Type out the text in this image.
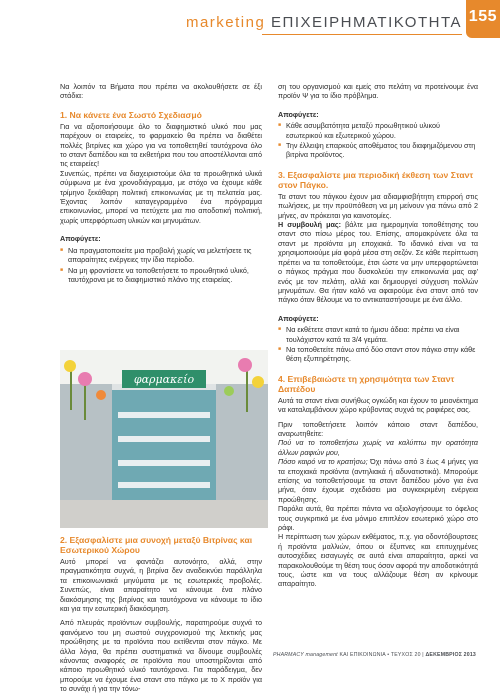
marketing ΕΠΙΧΕΙΡΗΜΑΤΙΚΟΤΗΤΑ 155

Να λοιπόν τα Βήματα που πρέπει να ακολουθήσετε σε έξι στάδια:

1. Να κάνετε ένα Σωστό Σχεδιασμό

Για να αξιοποιήσουμε όλο το διαφημιστικό υλικό που μας παρέχουν οι εταιρείες, το φαρμακείο θα πρέπει να διαθέτει πολλές βιτρίνες και χώρο για να τοποθετηθεί ταυτόχρονα όλο το σταντ δαπέδου και τα εκθετήρια που του αποστέλλονται από τις εταιρείες!

Συνεπώς, πρέπει να διαχειριστούμε όλα τα προωθητικά υλικά σύμφωνα με ένα χρονοδιάγραμμα, με στόχο να έχουμε κάθε τρίμηνο ξεκάθαρη πολιτική επικοινωνίας με τη πελατεία μας. Έχοντας λοιπόν καταγεγραμμένο ένα πρόγραμμα επικοινωνίας, μπορεί να πετύχετε μια πιο αποδοτική πολιτική, χωρίς υπερφόρτωση υλικών και μηνυμάτων.

Αποφύγετε:
■ Να πραγματοποιείτε μια προβολή χωρίς να μελετήσετε τις απαραίτητες ενέργειες την ίδια περίοδο.
■ Να μη φροντίσετε να τοποθετήσετε το προωθητικό υλικό, ταυτόχρονα με το διαφημιστικό πλάνο της εταιρείας.
φαρμακείο
2. Εξασφαλίστε μια συνοχή μεταξύ Βιτρίνας και Εσωτερικού Χώρου

Αυτό μπορεί να φαντάζει αυτονόητο, αλλά, στην πραγματικότητα συχνά, η βιτρίνα δεν αναδεικνύει παράλληλα τα επικοινωνιακά μηνύματα με τις εσωτερικές προβολές. Συνεπώς, είναι απαραίτητο να κάνουμε ένα πλάνο διακόσμησης της βιτρίνας και ταυτόχρονα να κάνουμε το ίδιο και για την εσωτερική διακόσμηση.

Από πλευράς προϊόντων συμβουλής, παρατηρούμε συχνά το φαινόμενο του μη σωστού συγχρονισμού της λεκτικής μας προώθησης με τα προϊόντα που εκτίθενται στον πάγκο. Με άλλα λόγια, θα πρέπει συστηματικά να δίνουμε συμβουλές κάνοντας αναφορές σε προϊόντα που υποστηρίζονται από κάποιο προωθητικό υλικό ταυτόχρονα. Για παράδειγμα, δεν μπορούμε να έχουμε ένα σταντ στο πάγκο με το Χ προϊόν για το συνάχι ή για την τόνω-

ση του οργανισμού και εμείς στο πελάτη να προτείνουμε ένα προϊόν Ψ για το ίδιο πρόβλημα.

Αποφύγετε:
■ Κάθε ασυμβατότητα μεταξύ προωθητικού υλικού εσωτερικού και εξωτερικού χώρου.
■ Την έλλειψη επαρκούς αποθέματος του διαφημιζόμενου στη βιτρίνα προϊόντος.
3. Εξασφαλίστε μια περιοδική έκθεση των Σταντ στον Πάγκο.

Τα σταντ του πάγκου έχουν μια αδιαμφισβήτητη επιρροή στις πωλήσεις, με την προϋπόθεση να μη μείνουν για πάνω από 2 μήνες, αν πρόκειται για καινοτομίες.

Η συμβουλή μας: βάλτε μια ημερομηνία τοποθέτησης του σταντ στο πίσω μέρος του. Επίσης, απομακρύνετε όλα τα σταντ με προϊόντα μη εποχιακά. Το ιδανικό είναι να τα χρησιμοποιούμε μία φορά μέσα στη σεζόν. Σε κάθε περίπτωση πρέπει να τα τοποθετούμε, έτσι ώστε να μην υπερφορτώνεται ο πάγκος πράγμα που δυσκολεύει την επικοινωνία μας αφ' ενός με τον πελάτη, αλλά και δημιουργεί σύγχυση πολλών μηνυμάτων. Θα ήταν καλό να αφαιρούμε ένα σταντ από τον πάγκο όταν θέλουμε να το αντικαταστήσουμε με ένα άλλο.

Αποφύγετε:
■ Να εκθέτετε σταντ κατά το ήμισυ άδεια: πρέπει να είναι τουλάχιστον κατά τα 3/4 γεμάτα.
■ Να τοποθετείτε πάνω από δύο σταντ στον πάγκο στην κάθε θέση εξυπηρέτησης.
4. Επιβεβαιώστε τη χρησιμότητα των Σταντ Δαπέδου

Αυτά τα σταντ είναι συνήθως ογκώδη και έχουν το μειονέκτημα να καταλαμβάνουν χώρο κρύβοντας συχνά τις ραφιέρες σας.

Πριν τοποθετήσετε λοιπόν κάποιο σταντ δαπέδου, αναρωτηθείτε:

Πού να το τοποθετήσω χωρίς να καλύπτω την ορατότητα άλλων ραφιών μου,

Πόσο καιρό να το κρατήσω; Όχι πάνω από 3 έως 4 μήνες για τα εποχιακά προϊόντα (αντηλιακά ή αδυνατιστικά). Μπορούμε επίσης να τοποθετήσουμε τα σταντ δαπέδου μόνο για ένα μήνα, όταν έχουμε σχεδιάσει μια συγκεκριμένη ενέργεια προώθησης.

Παρόλα αυτά, θα πρέπει πάντα να αξιολογήσουμε το όφελος τους συγκριτικά με ένα μόνιμο επιπλέον εσωτερικό χώρο στο ράφι.

Η περίπτωση των χώρων εκθέματος, π.χ. για οδοντόβουρτσες ή προϊόντα μαλλιών, όπου οι έξυπνες και επιτυχημένες αυτοσχέδιες εισαγωγές σε αυτά είναι απαραίτητα, αρκεί να παρακολουθούμε τη θέση τους όσον αφορά την αποδοτικότητά τους, ώστε και να τους αλλάζουμε θέση αν κρίνουμε απαραίτητο.

PHARMACY management ΚΑΙ ΕΠΙΚΟΙΝΩΝΙΑ • ΤΕΥΧΟΣ 20 | ΔΕΚΕΜΒΡΙΟΣ 2013
